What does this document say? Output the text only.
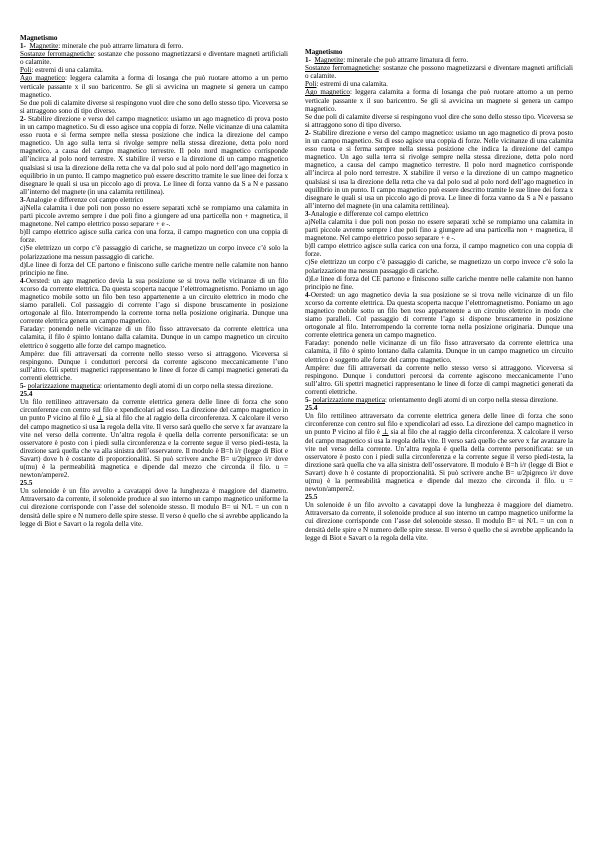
Magnetismo

1- Magnetite: minerale che può attrarre limatura di ferro.

Sostanze ferromagnetiche: sostanze che possono magnetizzarsi e diventare magneti artificiali o calamite.

Poli: estremi di una calamita.

Ago magnetico: leggera calamita a forma di losanga che può ruotare attorno a un perno verticale passante x il suo baricentro. Se gli si avvicina un magnete si genera un campo magnetico.

Se due poli di calamite diverse si respingono vuol dire che sono dello stesso tipo. Viceversa se si attraggono sono di tipo diverso.

2- Stabilire direzione e verso del campo magnetico: usiamo un ago magnetico di prova posto in un campo magnetico. Su di esso agisce una coppia di forze. Nelle vicinanze di una calamita esso ruota e si ferma sempre nella stessa posizione che indica la direzione del campo magnetico. Un ago sulla terra si rivolge sempre nella stessa direzione, detta polo nord magnetico, a causa del campo magnetico terrestre. Il polo nord magnetico corrisponde all’incirca al polo nord terrestre. X stabilire il verso e la direzione di un campo magnetico qualsiasi si usa la direzione della retta che va dal polo sud al polo nord dell’ago magnetico in equilibrio in un punto. Il campo magnetico può essere descritto tramite le sue linee dei forza x disegnare le quali si usa un piccolo ago di prova. Le linee di forza vanno da S a N e passano all’interno del magnete (in una calamita rettilinea).

3-Analogie e differenze col campo elettrico

a)Nella calamita i due poli non posso no essere separati xchè se rompiamo una calamita in parti piccole avremo sempre i due poli fino a giungere ad una particella non + magnetica, il magnetone. Nel campo elettrico posso separare + e -.

b)Il campo elettrico agisce sulla carica con una forza, il campo magnetico con una coppia di forze.

c)Se elettrizzo un corpo c’è passaggio di cariche, se magnetizzo un corpo invece c’è solo la polarizzazione ma nessun passaggio di cariche.

d)Le linee di forza del CE partono e finiscono sulle cariche mentre nelle calamite non hanno principio ne fine.

4-Oersted: un ago magnetico devia la sua posizione se si trova nelle vicinanze di un filo xcorso da corrente elettrica. Da questa scoperta nacque l’elettromagnetismo. Poniamo un ago magnetico mobile sotto un filo ben teso appartenente a un circuito elettrico in modo che siamo paralleli. Col passaggio di corrente l’ago si dispone bruscamente in posizione ortogonale al filo. Interrompendo la corrente torna nella posizione originaria. Dunque una corrente elettrica genera un campo magnetico.

Faraday: ponendo nelle vicinanze di un filo fisso attraversato da corrente elettrica una calamita, il filo è spinto lontano dalla calamita. Dunque in un campo magnetico un circuito elettrico è soggetto alle forze del campo magnetico.

Ampère: due fili attraversati da corrente nello stesso verso si attraggono. Viceversa si respingono. Dunque i conduttori percorsi da corrente agiscono meccanicamente l’uno sull’altro. Gli spettri magnetici rappresentano le linee di forze di campi magnetici generati da correnti elettriche.

5- polarizzazione magnetica: orientamento degli atomi di un corpo nella stessa direzione.

25.4

Un filo rettilineo attraversato da corrente elettrica genera delle linee di forza che sono circonferenze con centro sul filo e xpendicolari ad esso. La direzione del campo magnetico in un punto P vicino al filo è ⊥ sia al filo che al raggio della circonferenza. X calcolare il verso del campo magnetico si usa la regola della vite. Il verso sarà quello che serve x far avanzare la vite nel verso della corrente. Un’altra regola è quella della corrente personificata: se un osservatore è posto con i piedi sulla circonferenza e la corrente segue il verso piedi-testa, la direzione sarà quella che va alla sinistra dell’osservatore. Il modulo è B=h i/r (legge di Biot e Savart) dove h è costante di proporzionalità. Si può scrivere anche B= u/2pigreco i/r dove u(mu) è la permeabilità magnetica e dipende dal mezzo che circonda il filo. u = newton/ampere2.

25.5

Un solenoide è un filo avvolto a cavatappi dove la lunghezza è maggiore del diametro. Attraversato da corrente, il solenoide produce al suo interno un campo magnetico uniforme la cui direzione corrisponde con l’asse del solenoide stesso. Il modulo B= ui N/L = un con n densità delle spire e N numero delle spire stesse. Il verso è quello che si avrebbe applicando la legge di Biot e Savart o la regola della vite.

Magnetismo

1- Magnetite: minerale che può attrarre limatura di ferro.

Sostanze ferromagnetiche: sostanze che possono magnetizzarsi e diventare magneti artificiali o calamite.

Poli: estremi di una calamita.

Ago magnetico: leggera calamita a forma di losanga che può ruotare attorno a un perno verticale passante x il suo baricentro. Se gli si avvicina un magnete si genera un campo magnetico.

Se due poli di calamite diverse si respingono vuol dire che sono dello stesso tipo. Viceversa se si attraggono sono di tipo diverso.

2- Stabilire direzione e verso del campo magnetico: usiamo un ago magnetico di prova posto in un campo magnetico. Su di esso agisce una coppia di forze. Nelle vicinanze di una calamita esso ruota e si ferma sempre nella stessa posizione che indica la direzione del campo magnetico. Un ago sulla terra si rivolge sempre nella stessa direzione, detta polo nord magnetico, a causa del campo magnetico terrestre. Il polo nord magnetico corrisponde all’incirca al polo nord terrestre. X stabilire il verso e la direzione di un campo magnetico qualsiasi si usa la direzione della retta che va dal polo sud al polo nord dell’ago magnetico in equilibrio in un punto. Il campo magnetico può essere descritto tramite le sue linee dei forza x disegnare le quali si usa un piccolo ago di prova. Le linee di forza vanno da S a N e passano all’interno del magnete (in una calamita rettilinea).

3-Analogie e differenze col campo elettrico

a)Nella calamita i due poli non posso no essere separati xchè se rompiamo una calamita in parti piccole avremo sempre i due poli fino a giungere ad una particella non + magnetica, il magnetone. Nel campo elettrico posso separare + e -.

b)Il campo elettrico agisce sulla carica con una forza, il campo magnetico con una coppia di forze.

c)Se elettrizzo un corpo c’è passaggio di cariche, se magnetizzo un corpo invece c’è solo la polarizzazione ma nessun passaggio di cariche.

d)Le linee di forza del CE partono e finiscono sulle cariche mentre nelle calamite non hanno principio ne fine.

4-Oersted: un ago magnetico devia la sua posizione se si trova nelle vicinanze di un filo xcorso da corrente elettrica. Da questa scoperta nacque l’elettromagnetismo. Poniamo un ago magnetico mobile sotto un filo ben teso appartenente a un circuito elettrico in modo che siamo paralleli. Col passaggio di corrente l’ago si dispone bruscamente in posizione ortogonale al filo. Interrompendo la corrente torna nella posizione originaria. Dunque una corrente elettrica genera un campo magnetico.

Faraday: ponendo nelle vicinanze di un filo fisso attraversato da corrente elettrica una calamita, il filo è spinto lontano dalla calamita. Dunque in un campo magnetico un circuito elettrico è soggetto alle forze del campo magnetico.

Ampère: due fili attraversati da corrente nello stesso verso si attraggono. Viceversa si respingono. Dunque i conduttori percorsi da corrente agiscono meccanicamente l’uno sull’altro. Gli spettri magnetici rappresentano le linee di forze di campi magnetici generati da correnti elettriche.

5- polarizzazione magnetica: orientamento degli atomi di un corpo nella stessa direzione.

25.4

Un filo rettilineo attraversato da corrente elettrica genera delle linee di forza che sono circonferenze con centro sul filo e xpendicolari ad esso. La direzione del campo magnetico in un punto P vicino al filo è ⊥ sia al filo che al raggio della circonferenza. X calcolare il verso del campo magnetico si usa la regola della vite. Il verso sarà quello che serve x far avanzare la vite nel verso della corrente. Un’altra regola è quella della corrente personificata: se un osservatore è posto con i piedi sulla circonferenza e la corrente segue il verso piedi-testa, la direzione sarà quella che va alla sinistra dell’osservatore. Il modulo è B=h i/r (legge di Biot e Savart) dove h è costante di proporzionalità. Si può scrivere anche B= u/2pigreco i/r dove u(mu) è la permeabilità magnetica e dipende dal mezzo che circonda il filo. u = newton/ampere2.

25.5

Un solenoide è un filo avvolto a cavatappi dove la lunghezza è maggiore del diametro. Attraversato da corrente, il solenoide produce al suo interno un campo magnetico uniforme la cui direzione corrisponde con l’asse del solenoide stesso. Il modulo B= ui N/L = un con n densità delle spire e N numero delle spire stesse. Il verso è quello che si avrebbe applicando la legge di Biot e Savart o la regola della vite.
